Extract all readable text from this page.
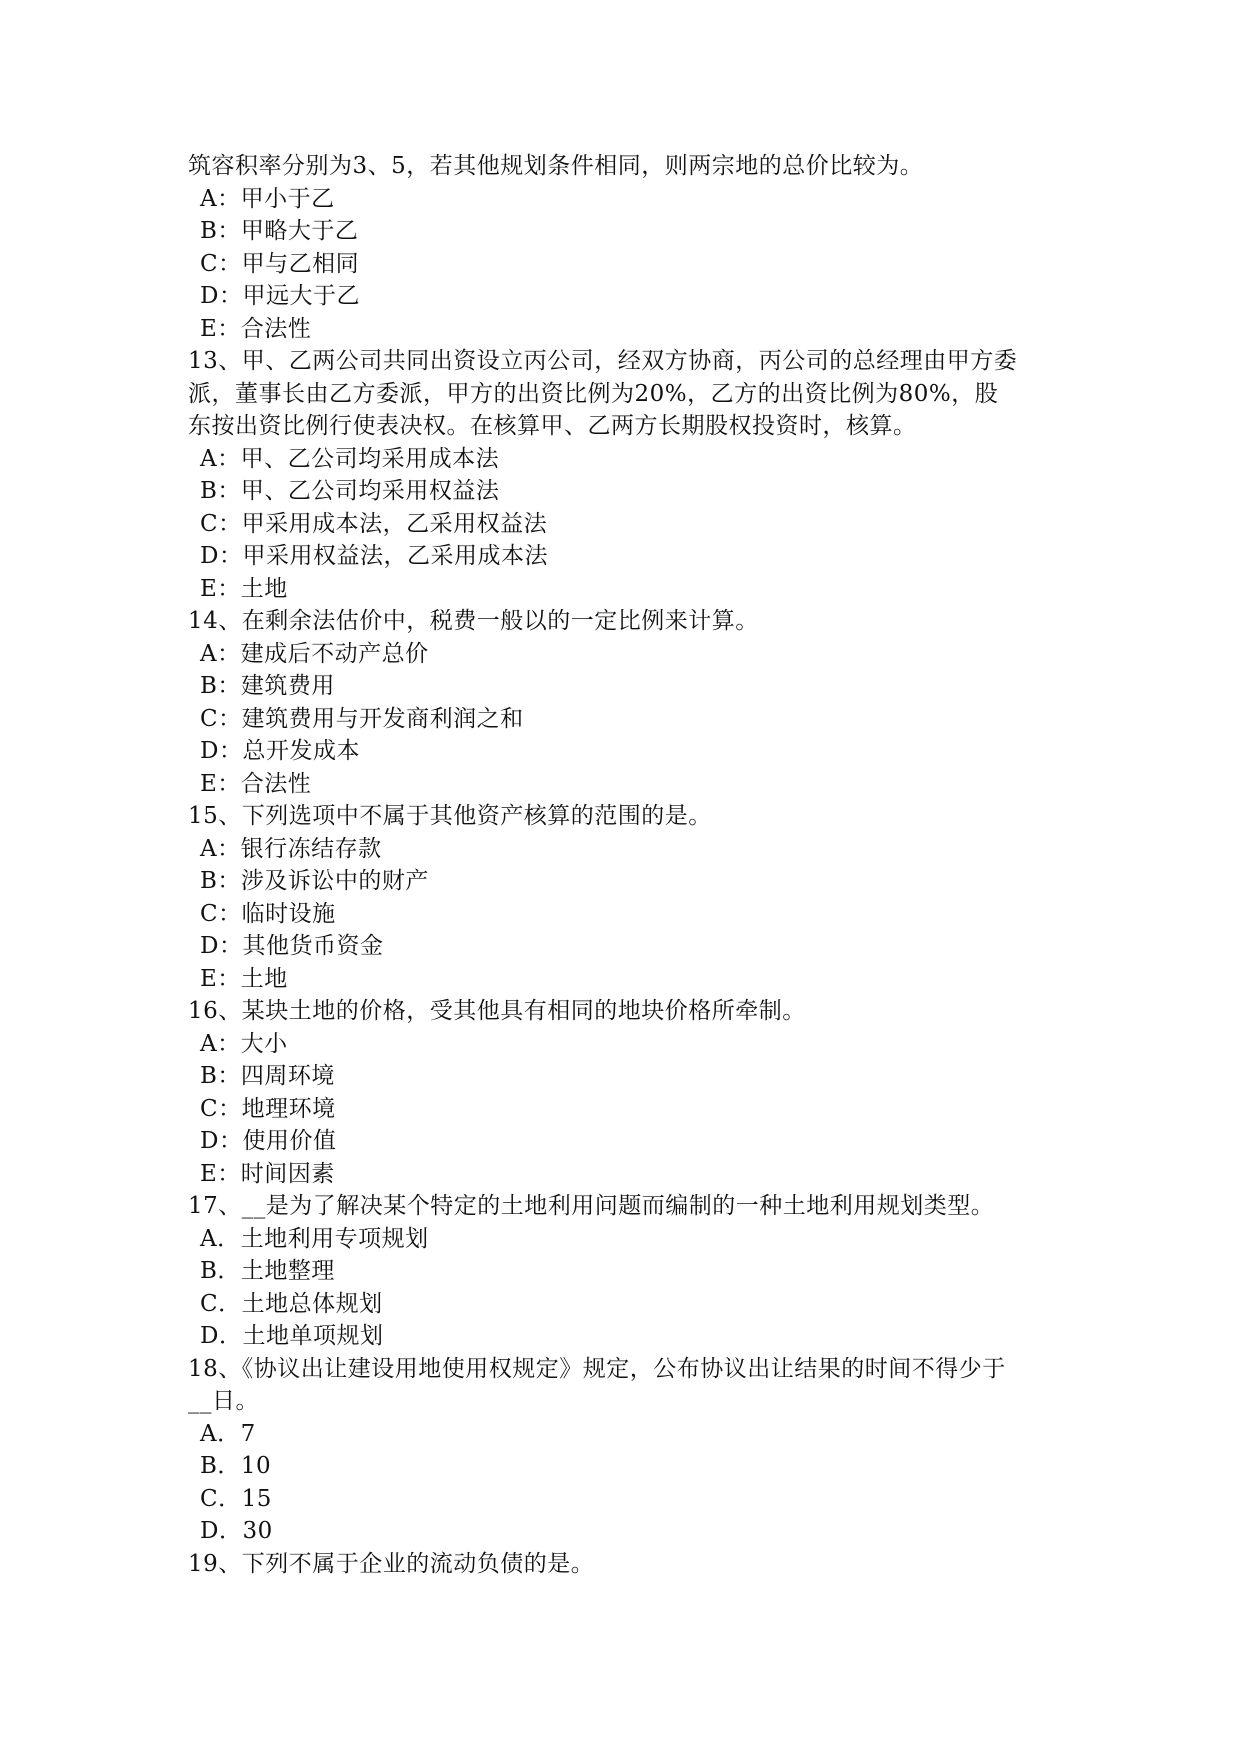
筑容积率分别为3、5，若其他规划条件相同，则两宗地的总价比较为。
A：甲小于乙
B：甲略大于乙
C：甲与乙相同
D：甲远大于乙
E：合法性
13、甲、乙两公司共同出资设立丙公司，经双方协商，丙公司的总经理由甲方委
派，董事长由乙方委派，甲方的出资比例为20%，乙方的出资比例为80%，股
东按出资比例行使表决权。在核算甲、乙两方长期股权投资时，核算。
A：甲、乙公司均采用成本法
B：甲、乙公司均采用权益法
C：甲采用成本法，乙采用权益法
D：甲采用权益法，乙采用成本法
E：土地
14、在剩余法估价中，税费一般以的一定比例来计算。
A：建成后不动产总价
B：建筑费用
C：建筑费用与开发商利润之和
D：总开发成本
E：合法性
15、下列选项中不属于其他资产核算的范围的是。
A：银行冻结存款
B：涉及诉讼中的财产
C：临时设施
D：其他货币资金
E：土地
16、某块土地的价格，受其他具有相同的地块价格所牵制。
A：大小
B：四周环境
C：地理环境
D：使用价值
E：时间因素
17、__是为了解决某个特定的土地利用问题而编制的一种土地利用规划类型。
A．土地利用专项规划
B．土地整理
C．土地总体规划
D．土地单项规划
18、《协议出让建设用地使用权规定》规定，公布协议出让结果的时间不得少于
__日。
A．7
B．10
C．15
D．30
19、下列不属于企业的流动负债的是。
